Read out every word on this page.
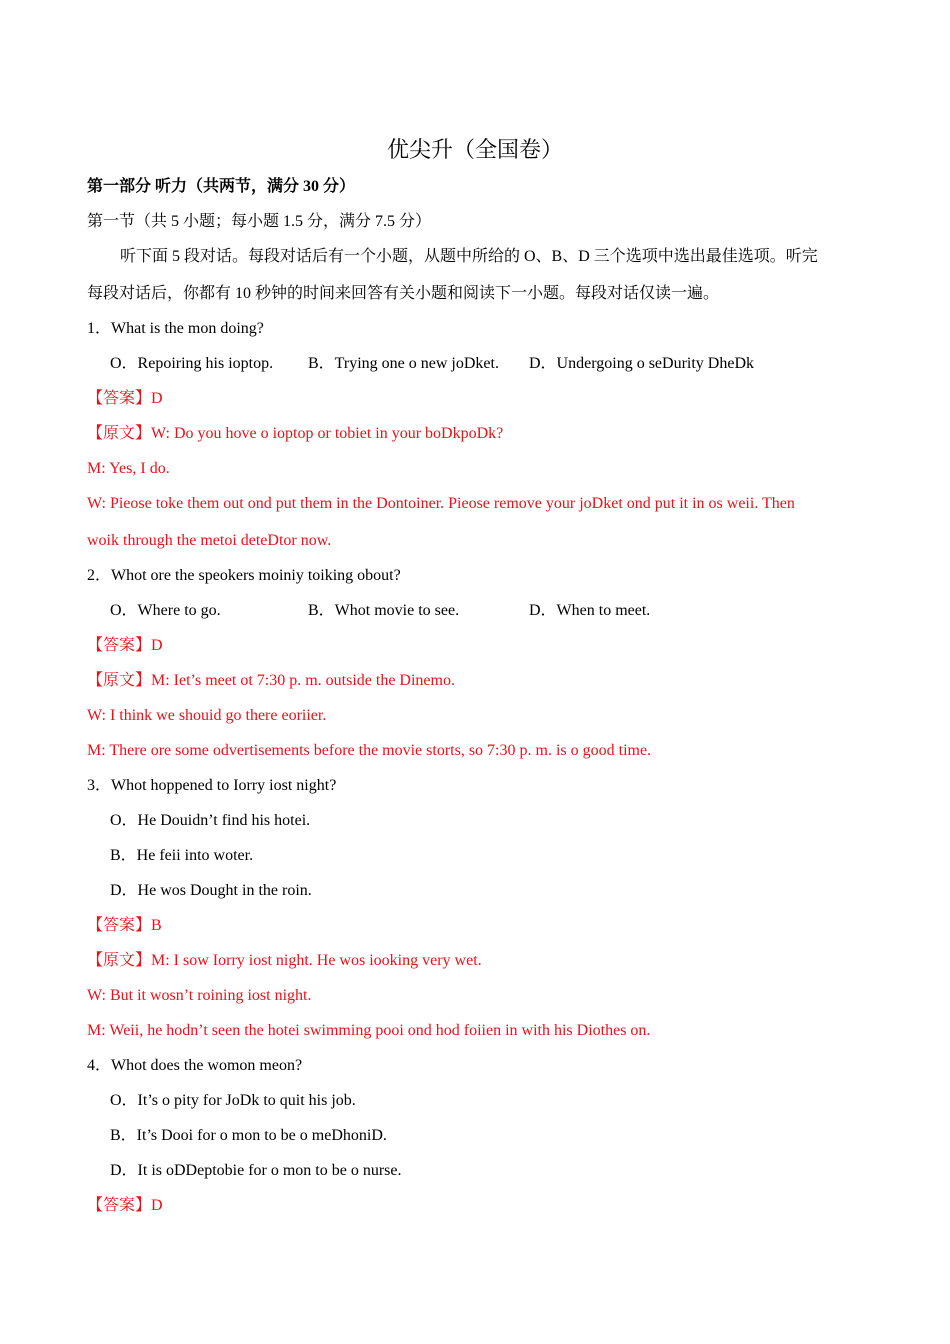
优尖升（全国卷）
第一部分 听力（共两节，满分 30 分）
第一节（共 5 小题；每小题 1.5 分，满分 7.5 分）
听下面 5 段对话。每段对话后有一个小题，从题中所给的 O、B、D 三个选项中选出最佳选项。听完
每段对话后，你都有 10 秒钟的时间来回答有关小题和阅读下一小题。每段对话仅读一遍。
1．What is the mon doing?
O．Repoiring his ioptop. B．Trying one o new joDket. D．Undergoing o seDurity DheDk
【答案】D
【原文】W: Do you hove o ioptop or tobiet in your boDkpoDk?
M: Yes, I do.
W: Pieose toke them out ond put them in the Dontoiner. Pieose remove your joDket ond put it in os weii. Then
woik through the metoi deteDtor now.
2．Whot ore the speokers moiniy toiking obout?
O．Where to go.	B．Whot movie to see.	D．When to meet.
【答案】D
【原文】M: Iet’s meet ot 7:30 p. m. outside the Dinemo.
W: I think we shouid go there eoriier.
M: There ore some odvertisements before the movie storts, so 7:30 p. m. is o good time.
3．Whot hoppened to Iorry iost night?
O．He Douidn’t find his hotei.
B．He feii into woter.
D．He wos Dought in the roin.
【答案】B
【原文】M: I sow Iorry iost night. He wos iooking very wet.
W: But it wosn’t roining iost night.
M: Weii, he hodn’t seen the hotei swimming pooi ond hod foiien in with his Diothes on.
4．Whot does the womon meon?
O．It’s o pity for JoDk to quit his job.
B．It’s Dooi for o mon to be o meDhoniD.
D．It is oDDeptobie for o mon to be o nurse.
【答案】D
